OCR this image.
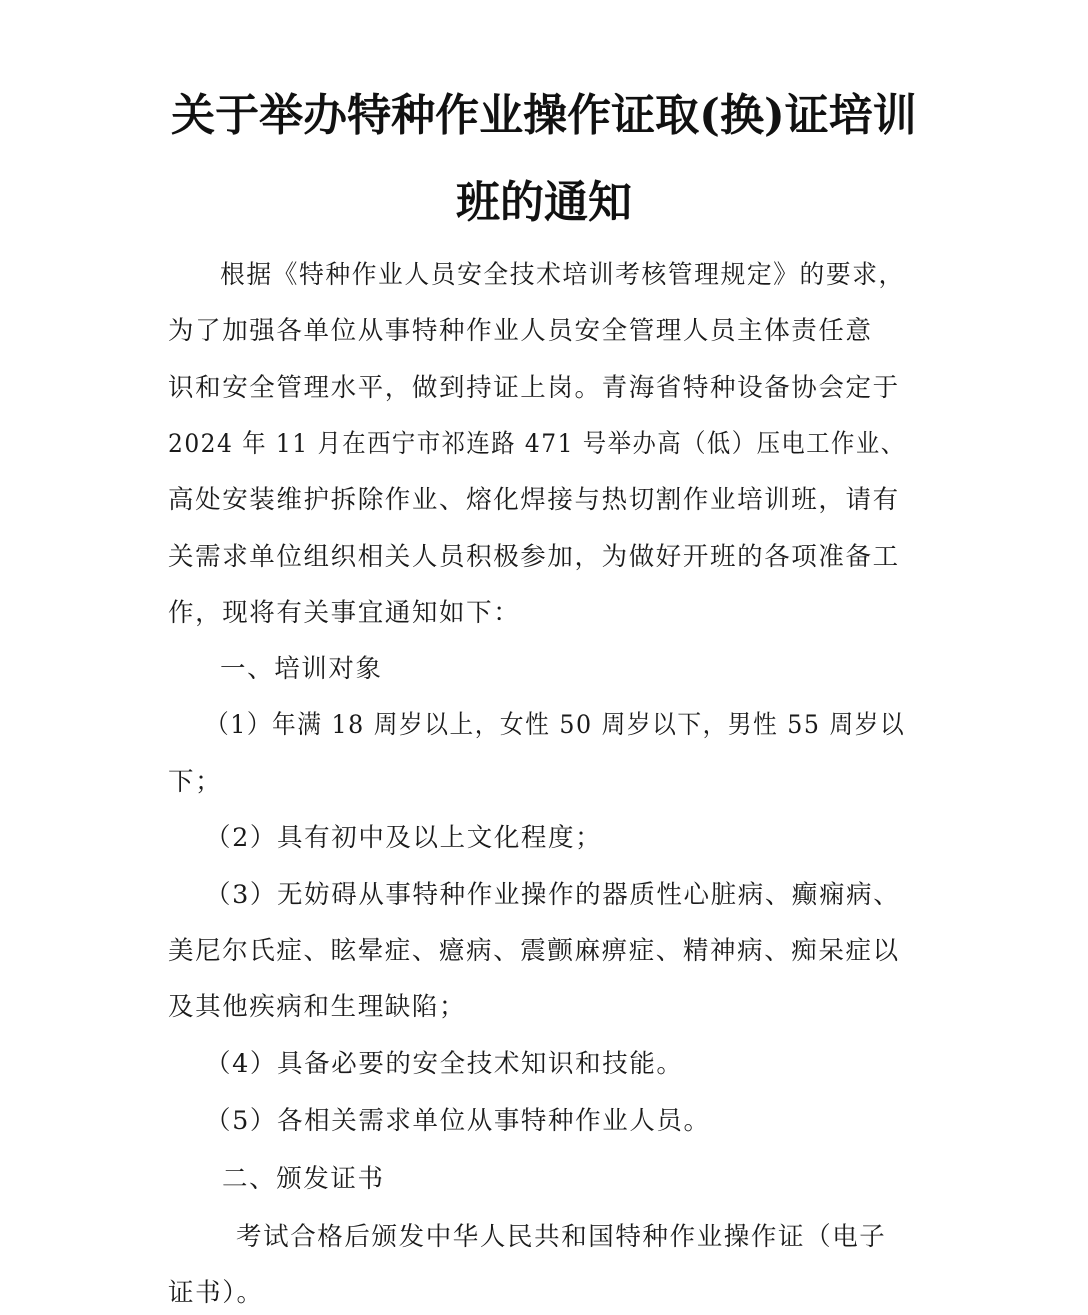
关于举办特种作业操作证取(换)证培训
班的通知

根据《特种作业人员安全技术培训考核管理规定》的要求，

为了加强各单位从事特种作业人员安全管理人员主体责任意

识和安全管理水平，做到持证上岗。青海省特种设备协会定于

2024 年 11 月在西宁市祁连路 471 号举办高（低）压电工作业、

高处安装维护拆除作业、熔化焊接与热切割作业培训班，请有

关需求单位组织相关人员积极参加，为做好开班的各项准备工

作，现将有关事宜通知如下：

一、培训对象

（1）年满 18 周岁以上，女性 50 周岁以下，男性 55 周岁以

下；

（2）具有初中及以上文化程度；

（3）无妨碍从事特种作业操作的器质性心脏病、癫痫病、

美尼尔氏症、眩晕症、癔病、震颤麻痹症、精神病、痴呆症以

及其他疾病和生理缺陷；

（4）具备必要的安全技术知识和技能。

（5）各相关需求单位从事特种作业人员。

二、颁发证书

考试合格后颁发中华人民共和国特种作业操作证（电子

证书）。
